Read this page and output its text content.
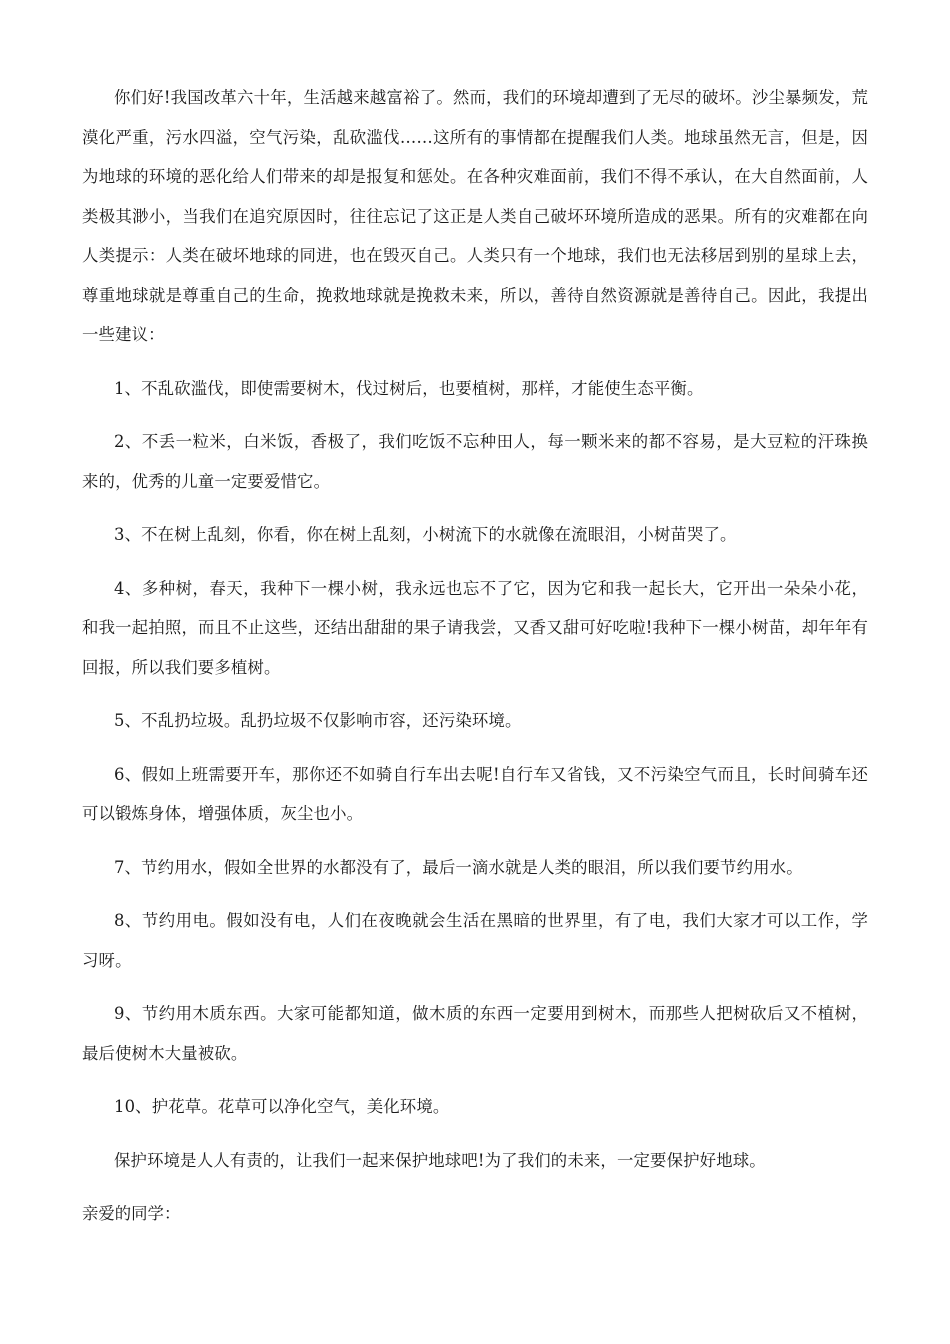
你们好!我国改革六十年，生活越来越富裕了。然而，我们的环境却遭到了无尽的破坏。沙尘暴频发，荒漠化严重，污水四溢，空气污染，乱砍滥伐……这所有的事情都在提醒我们人类。地球虽然无言，但是，因为地球的环境的恶化给人们带来的却是报复和惩处。在各种灾难面前，我们不得不承认，在大自然面前，人类极其渺小，当我们在追究原因时，往往忘记了这正是人类自己破坏环境所造成的恶果。所有的灾难都在向人类提示：人类在破坏地球的同进，也在毁灭自己。人类只有一个地球，我们也无法移居到别的星球上去，尊重地球就是尊重自己的生命，挽救地球就是挽救未来，所以，善待自然资源就是善待自己。因此，我提出一些建议：

1、不乱砍滥伐，即使需要树木，伐过树后，也要植树，那样，才能使生态平衡。

2、不丢一粒米，白米饭，香极了，我们吃饭不忘种田人，每一颗米来的都不容易，是大豆粒的汗珠换来的，优秀的儿童一定要爱惜它。

3、不在树上乱刻，你看，你在树上乱刻，小树流下的水就像在流眼泪，小树苗哭了。

4、多种树，春天，我种下一棵小树，我永远也忘不了它，因为它和我一起长大，它开出一朵朵小花，和我一起拍照，而且不止这些，还结出甜甜的果子请我尝，又香又甜可好吃啦!我种下一棵小树苗，却年年有回报，所以我们要多植树。

5、不乱扔垃圾。乱扔垃圾不仅影响市容，还污染环境。

6、假如上班需要开车，那你还不如骑自行车出去呢!自行车又省钱，又不污染空气而且，长时间骑车还可以锻炼身体，增强体质，灰尘也小。

7、节约用水，假如全世界的水都没有了，最后一滴水就是人类的眼泪，所以我们要节约用水。

8、节约用电。假如没有电，人们在夜晚就会生活在黑暗的世界里，有了电，我们大家才可以工作，学习呀。

9、节约用木质东西。大家可能都知道，做木质的东西一定要用到树木，而那些人把树砍后又不植树，最后使树木大量被砍。

10、护花草。花草可以净化空气，美化环境。

保护环境是人人有责的，让我们一起来保护地球吧!为了我们的未来，一定要保护好地球。

亲爱的同学：
